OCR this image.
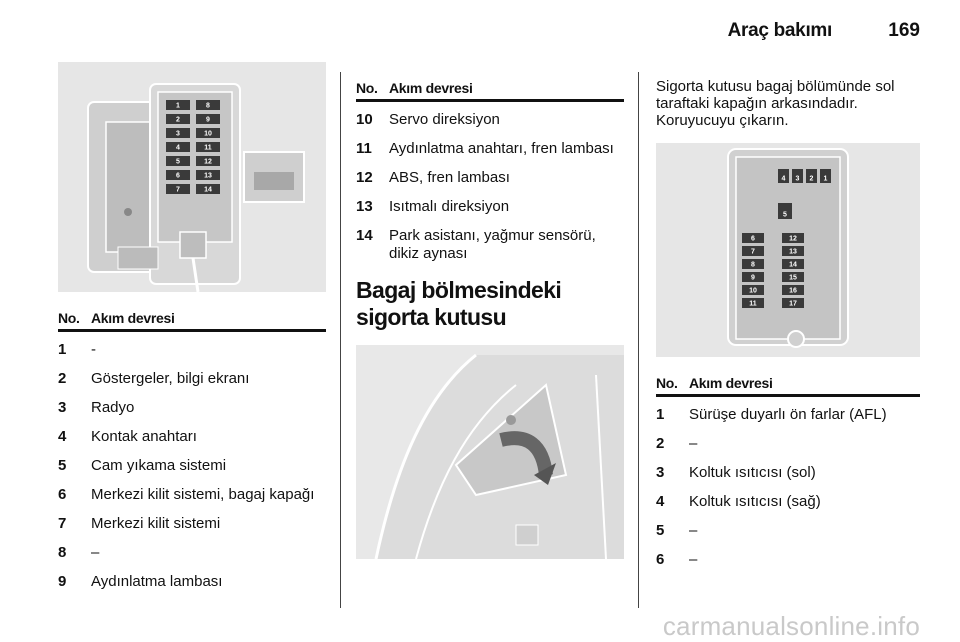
Araç bakımı	169
1
2
3
4
5
6
7
8
9
10
11
12
13
14
No. Akım devresi
1	-
2	Göstergeler, bilgi ekranı
3	Radyo
4	Kontak anahtarı
5	Cam yıkama sistemi
6	Merkezi kilit sistemi, bagaj kapağı
7	Merkezi kilit sistemi
8	–
9	Aydınlatma lambası
No. Akım devresi
10	Servo direksiyon
11	Aydınlatma anahtarı, fren lambası
12	ABS, fren lambası
13	Isıtmalı direksiyon
14	Park asistanı, yağmur sensörü, dikiz aynası
Bagaj bölmesindeki sigorta kutusu
Sigorta kutusu bagaj bölümünde sol taraftaki kapağın arkasındadır. Koruyucuyu çıkarın.
4 3 2 1
5
6
7
8
9
10
11
12
13
14
15
16
17
No. Akım devresi
1	Sürüşe duyarlı ön farlar (AFL)
2	–
3	Koltuk ısıtıcısı (sol)
4	Koltuk ısıtıcısı (sağ)
5	–
6	–
carmanualsonline.info
